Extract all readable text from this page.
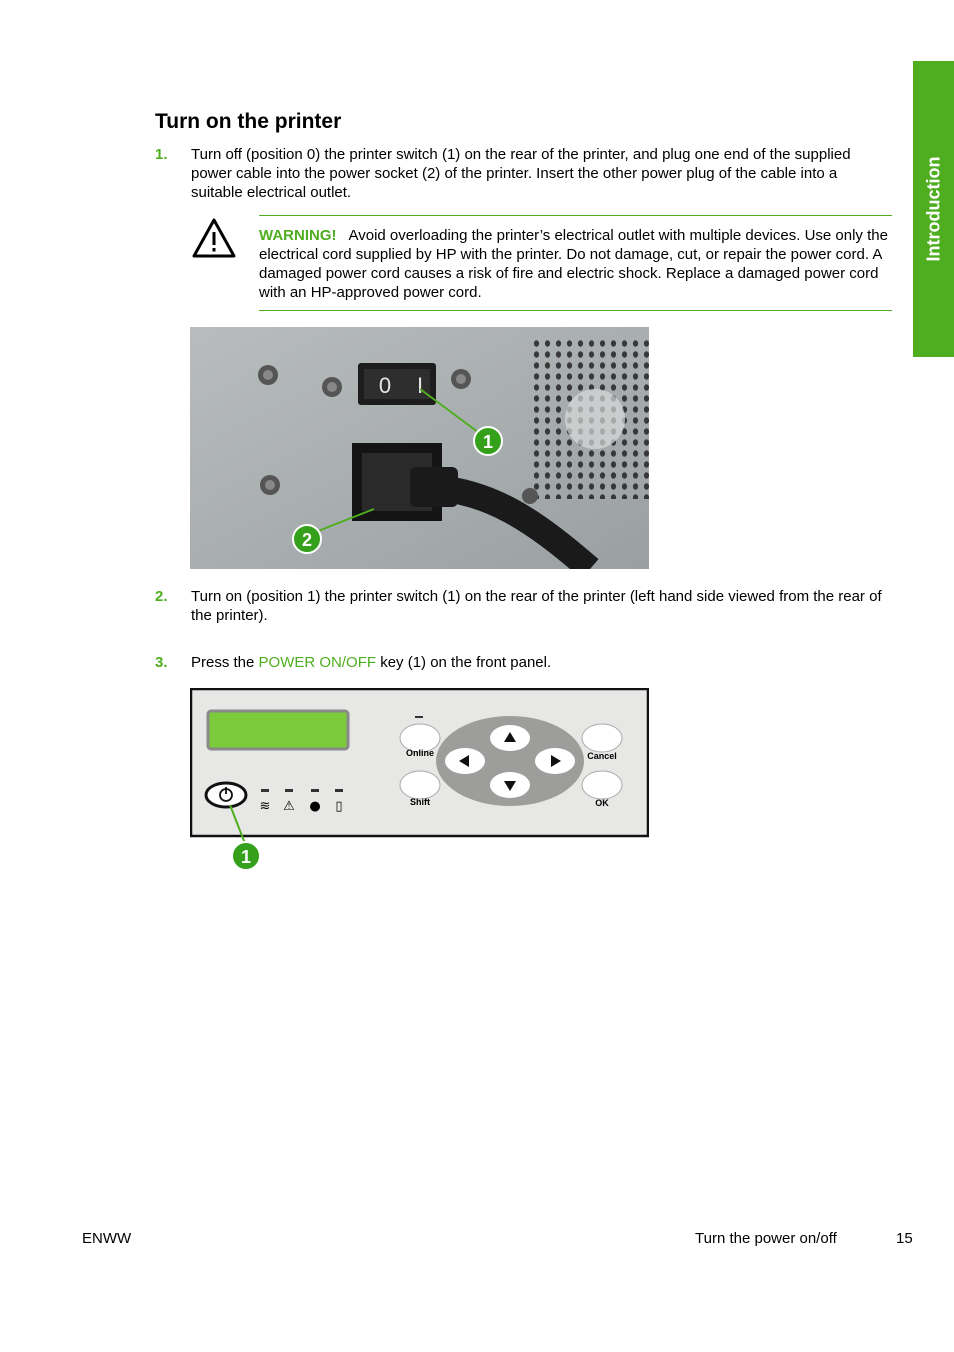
Introduction
Turn on the printer
1. Turn off (position 0) the printer switch (1) on the rear of the printer, and plug one end of the supplied power cable into the power socket (2) of the printer. Insert the other power plug of the cable into a suitable electrical outlet.
WARNING! Avoid overloading the printer’s electrical outlet with multiple devices. Use only the electrical cord supplied by HP with the printer. Do not damage, cut, or repair the power cord. A damaged power cord causes a risk of fire and electric shock. Replace a damaged power cord with an HP-approved power cord.
0 I
1
2
2. Turn on (position 1) the printer switch (1) on the rear of the printer (left hand side viewed from the rear of the printer).
3. Press the POWER ON/OFF key (1) on the front panel.
≋ ⚠ ● ▯
Online
Shift
Cancel
OK
1
ENWW	Turn the power on/off	15
